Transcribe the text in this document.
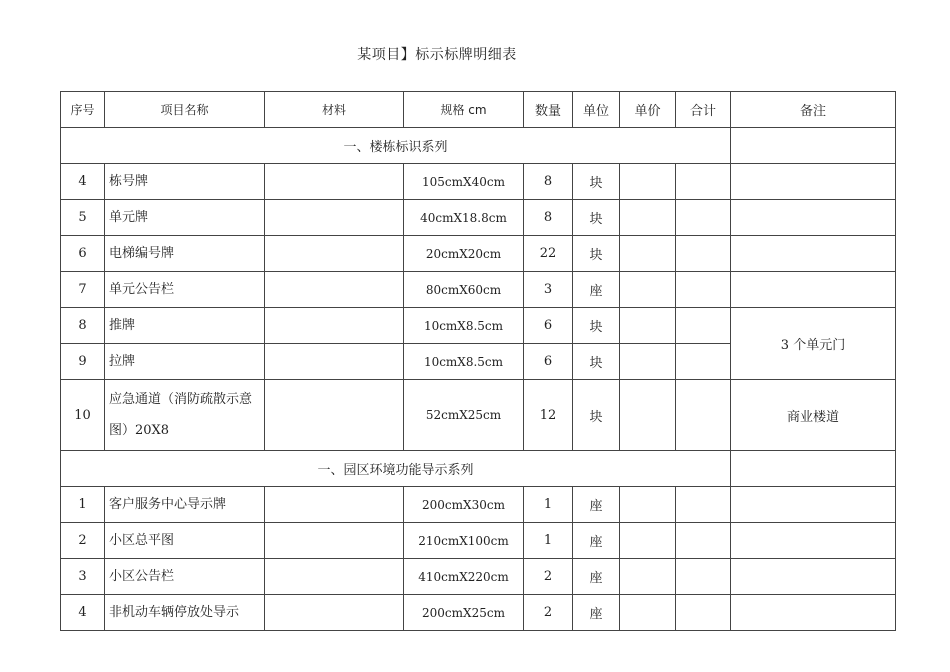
某项目】标示标牌明细表
序号	项目名称	材料	规格 cm	数量	单位	单价	合计	备注
一、楼栋标识系列								
4	栋号牌		105cmX40cm	8	块			
5	单元牌		40cmX18.8cm	8	块			
6	电梯编号牌		20cmX20cm	22	块			
7	单元公告栏		80cmX60cm	3	座			
8	推牌		10cmX8.5cm	6	块			3 个单元门
9	拉牌		10cmX8.5cm	6	块			
10	应急通道（消防疏散示意图）20X8		52cmX25cm	12	块			商业楼道
一、园区环境功能导示系列								
1	客户服务中心导示牌		200cmX30cm	1	座			
2	小区总平图		210cmX100cm	1	座			
3	小区公告栏		410cmX220cm	2	座			
4	非机动车辆停放处导示		200cmX25cm	2	座			
